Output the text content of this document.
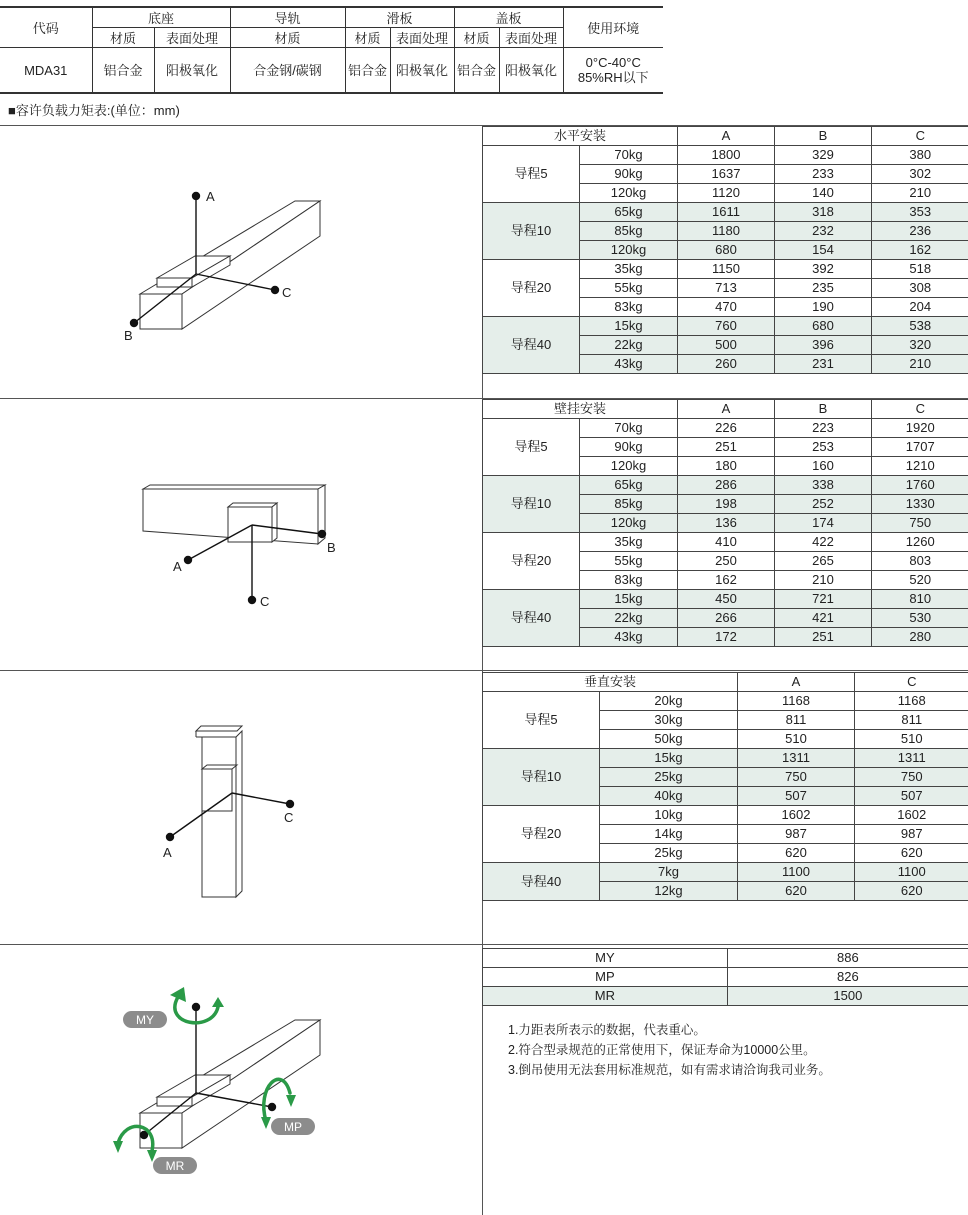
代码	底座		导轨	滑板		盖板		使用环境
	材质	表面处理	材质	材质	表面处理	材质	表面处理	
MDA31	铝合金	阳极氧化	合金钢/碳钢	铝合金	阳极氧化	铝合金	阳极氧化	0°C-40°C
85%RH以下
■容许负载力矩表:(单位：mm)
A
C
B
A
B
C
C
A
MY
MP
MR
水平安装		A	B	C
导程5	70kg	1800	329	380
	90kg	1637	233	302
	120kg	1120	140	210
导程10	65kg	1611	318	353
	85kg	1180	232	236
	120kg	680	154	162
导程20	35kg	1150	392	518
	55kg	713	235	308
	83kg	470	190	204
导程40	15kg	760	680	538
	22kg	500	396	320
	43kg	260	231	210
壁挂安装		A	B	C
导程5	70kg	226	223	1920
	90kg	251	253	1707
	120kg	180	160	1210
导程10	65kg	286	338	1760
	85kg	198	252	1330
	120kg	136	174	750
导程20	35kg	410	422	1260
	55kg	250	265	803
	83kg	162	210	520
导程40	15kg	450	721	810
	22kg	266	421	530
	43kg	172	251	280
垂直安装		A	C
导程5	20kg	1168	1168
	30kg	811	811
	50kg	510	510
导程10	15kg	1311	1311
	25kg	750	750
	40kg	507	507
导程20	10kg	1602	1602
	14kg	987	987
	25kg	620	620
导程40	7kg	1100	1100
	12kg	620	620
MY	886
MP	826
MR	1500
1.力距表所表示的数据，代表重心。
2.符合型录规范的正常使用下，保证寿命为10000公里。
3.倒吊使用无法套用标准规范，如有需求请洽询我司业务。
